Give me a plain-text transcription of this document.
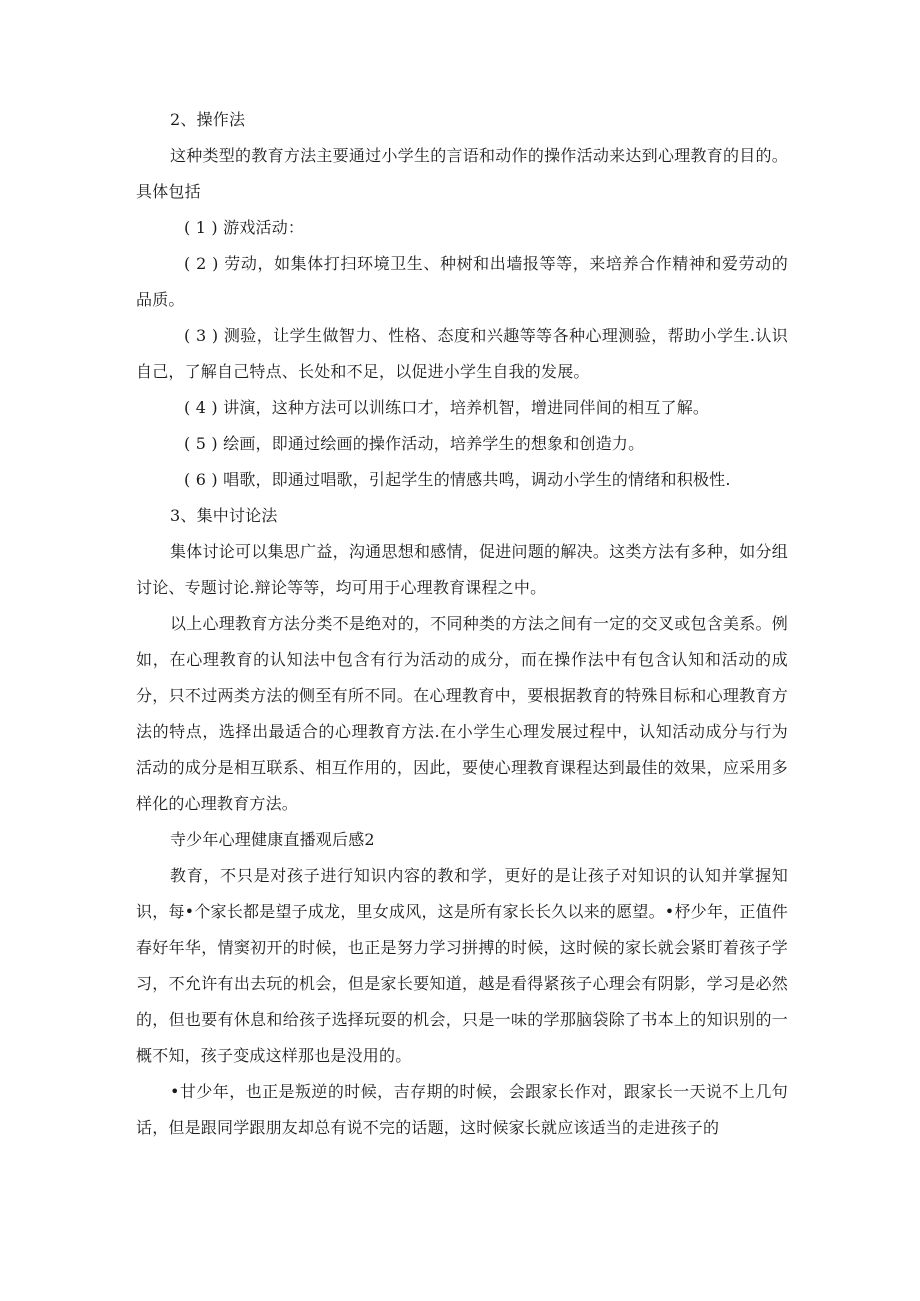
2、操作法

这种类型的教育方法主要通过小学生的言语和动作的操作活动来达到心理教育的目的。具体包括

( 1 ) 游戏活动：

( 2 ) 劳动，如集体打扫环境卫生、种树和出墙报等等，来培养合作精神和爱劳动的品质。

( 3 ) 测验，让学生做智力、性格、态度和兴趣等等各种心理测验，帮助小学生.认识自己，了解自己特点、长处和不足，以促进小学生自我的发展。

( 4 ) 讲演，这种方法可以训练口才，培养机智，增进同伴间的相互了解。

( 5 ) 绘画，即通过绘画的操作活动，培养学生的想象和创造力。

( 6 ) 唱歌，即通过唱歌，引起学生的情感共鸣，调动小学生的情绪和积极性.

3、集中讨论法

集体讨论可以集思广益，沟通思想和感情，促进问题的解决。这类方法有多种，如分组讨论、专题讨论.辩论等等，均可用于心理教育课程之中。

以上心理教育方法分类不是绝对的，不同种类的方法之间有一定的交叉或包含美系。例如，在心理教育的认知法中包含有行为活动的成分，而在操作法中有包含认知和活动的成分，只不过两类方法的侧至有所不同。在心理教育中，要根据教育的特殊目标和心理教育方法的特点，选择出最适合的心理教育方法.在小学生心理发展过程中，认知活动成分与行为活动的成分是相互联系、相互作用的，因此，要使心理教育课程达到最佳的效果，应采用多样化的心理教育方法。

寺少年心理健康直播观后感2

教育，不只是对孩子进行知识内容的教和学，更好的是让孩子对知识的认知并掌握知识，每•个家长都是望子成龙，里女成风，这是所有家长长久以来的愿望。•杼少年，正值件春好年华，情窦初开的时候，也正是努力学习拼搏的时候，这时候的家长就会紧盯着孩子学习，不允许有出去玩的机会，但是家长要知道，越是看得紧孩子心理会有阴影，学习是必然的，但也要有休息和给孩子选择玩耍的机会，只是一味的学那脑袋除了书本上的知识别的一概不知，孩子变成这样那也是没用的。

•甘少年，也正是叛逆的时候，吉存期的时候，会跟家长作对，跟家长一天说不上几句话，但是跟同学跟朋友却总有说不完的话题，这时候家长就应该适当的走进孩子的
